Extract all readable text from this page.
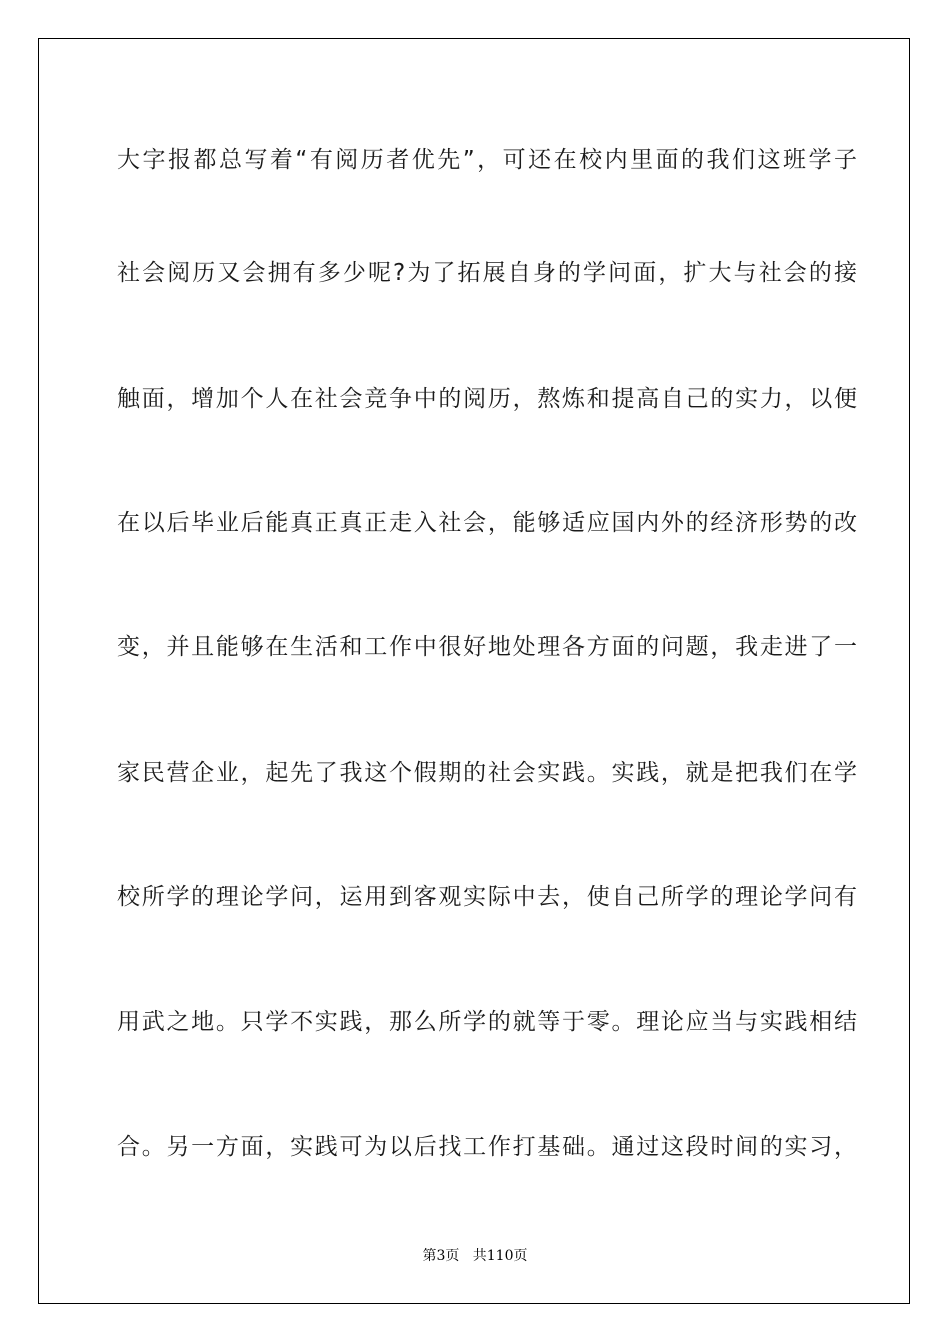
大字报都总写着“有阅历者优先”，可还在校内里面的我们这班学子
社会阅历又会拥有多少呢?为了拓展自身的学问面，扩大与社会的接
触面，增加个人在社会竞争中的阅历，熬炼和提高自己的实力，以便
在以后毕业后能真正真正走入社会，能够适应国内外的经济形势的改
变，并且能够在生活和工作中很好地处理各方面的问题，我走进了一
家民营企业，起先了我这个假期的社会实践。实践，就是把我们在学
校所学的理论学问，运用到客观实际中去，使自己所学的理论学问有
用武之地。只学不实践，那么所学的就等于零。理论应当与实践相结
合。另一方面，实践可为以后找工作打基础。通过这段时间的实习，
第3页 共110页
